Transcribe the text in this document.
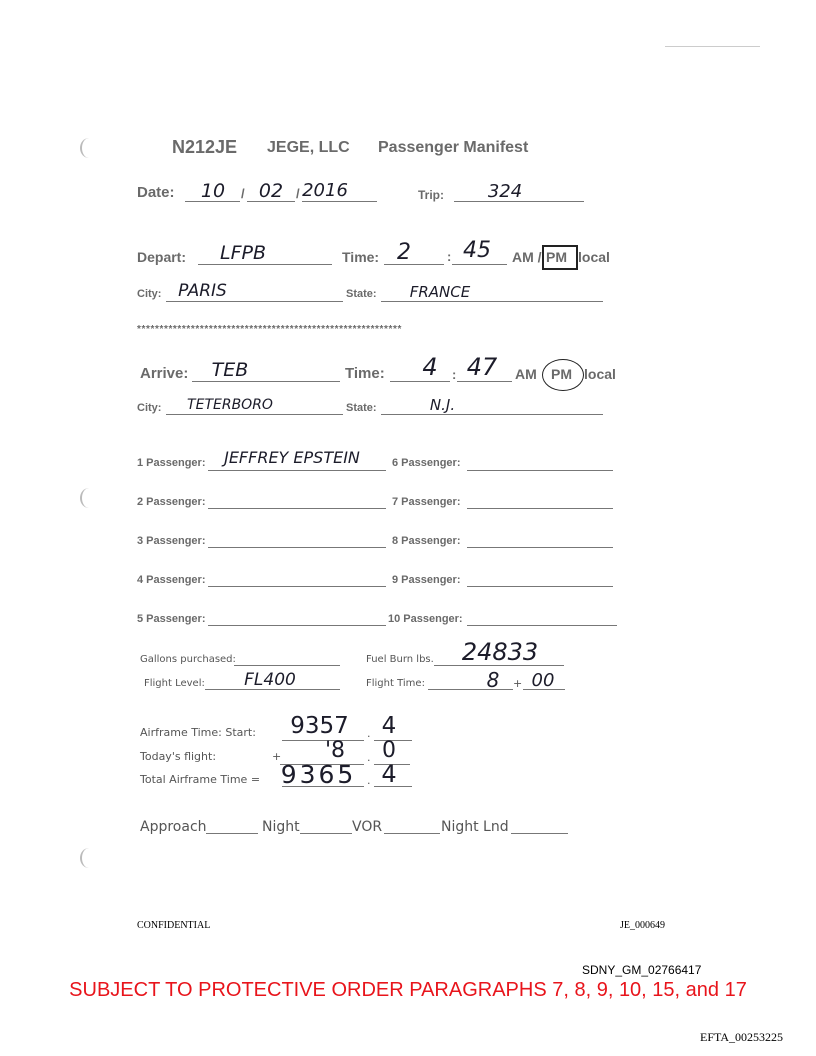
N212JE JEGE, LLC Passenger Manifest
Date:	10	/ 02 / 2016	Trip:	324
Depart:	LFPB	Time: 2	: 45	AM / PM local
City: PARIS	State:	FRANCE
***********************************************************
Arrive:	TEB	Time:	4	: 47	AM PM local
City:	TETERBORO	State:	N.J.
1 Passenger:	JEFFREY EPSTEIN	6 Passenger:
2 Passenger:	7 Passenger:
3 Passenger:	8 Passenger:
4 Passenger:	9 Passenger:
5 Passenger:	10 Passenger:
Gallons purchased:	Fuel Burn lbs.	24833
Flight Level:	FL400	Flight Time:	8	+ 00
Airframe Time: Start:	9357	. 4
Today's flight:	+	'8	. 0
Total Airframe Time = 9365 . 4
Approach	Night	VOR	Night Lnd
CONFIDENTIAL	JE_000649
SDNY_GM_02766417
SUBJECT TO PROTECTIVE ORDER PARAGRAPHS 7, 8, 9, 10, 15, and 17
EFTA_00253225
